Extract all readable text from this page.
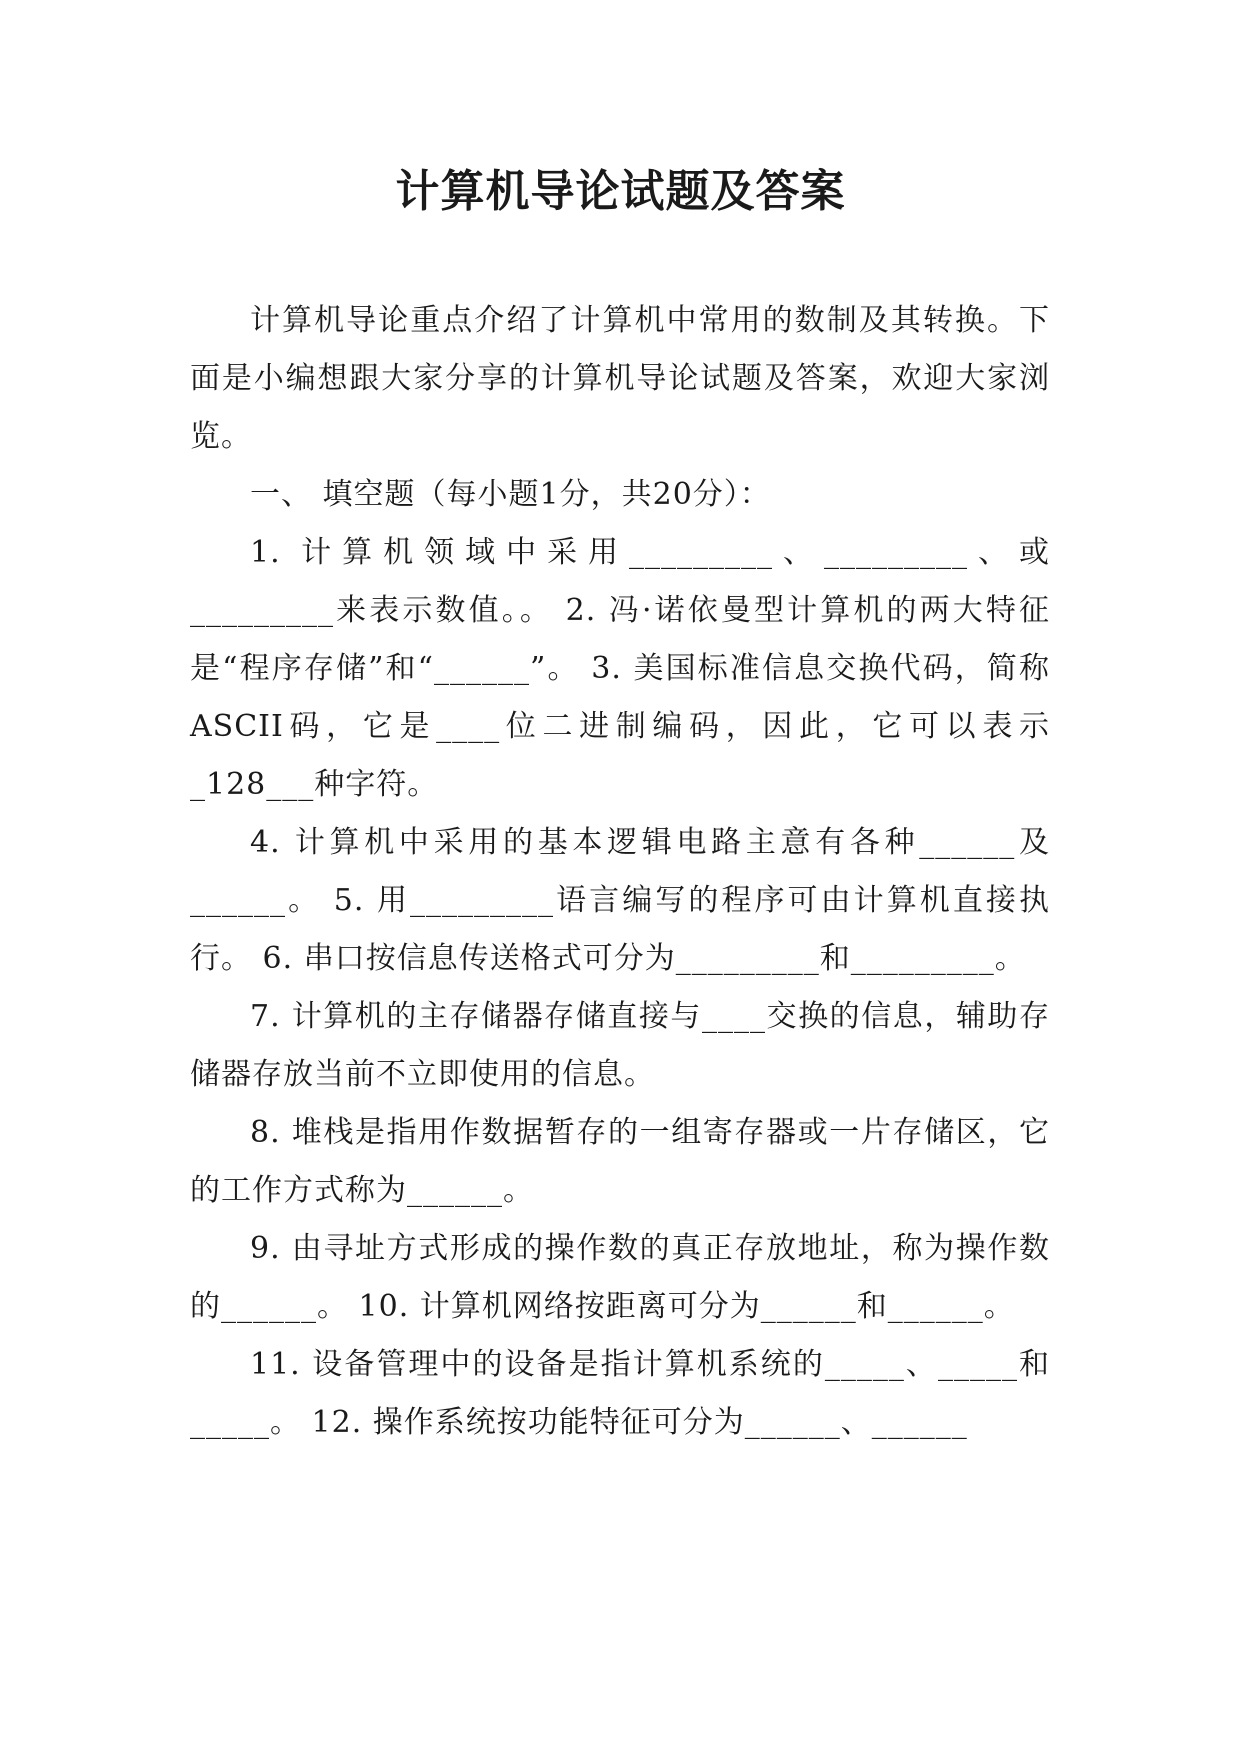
计算机导论试题及答案

计算机导论重点介绍了计算机中常用的数制及其转换。下面是小编想跟大家分享的计算机导论试题及答案，欢迎大家浏览。

一、 填空题（每小题1分，共20分）：

1. 计算机领域中采用_________、_________、或_________来表示数值。。 2. 冯·诺依曼型计算机的两大特征是“程序存储”和“______”。 3. 美国标准信息交换代码，简称ASCII码，它是____位二进制编码，因此，它可以表示 _128___种字符。

4. 计算机中采用的基本逻辑电路主意有各种______及______。 5. 用_________语言编写的程序可由计算机直接执行。 6. 串口按信息传送格式可分为_________和_________。

7. 计算机的主存储器存储直接与____交换的信息，辅助存储器存放当前不立即使用的信息。

8. 堆栈是指用作数据暂存的一组寄存器或一片存储区，它的工作方式称为______。

9. 由寻址方式形成的操作数的真正存放地址，称为操作数的______。 10. 计算机网络按距离可分为______和______。

11. 设备管理中的设备是指计算机系统的_____、_____和_____。 12. 操作系统按功能特征可分为______、______
